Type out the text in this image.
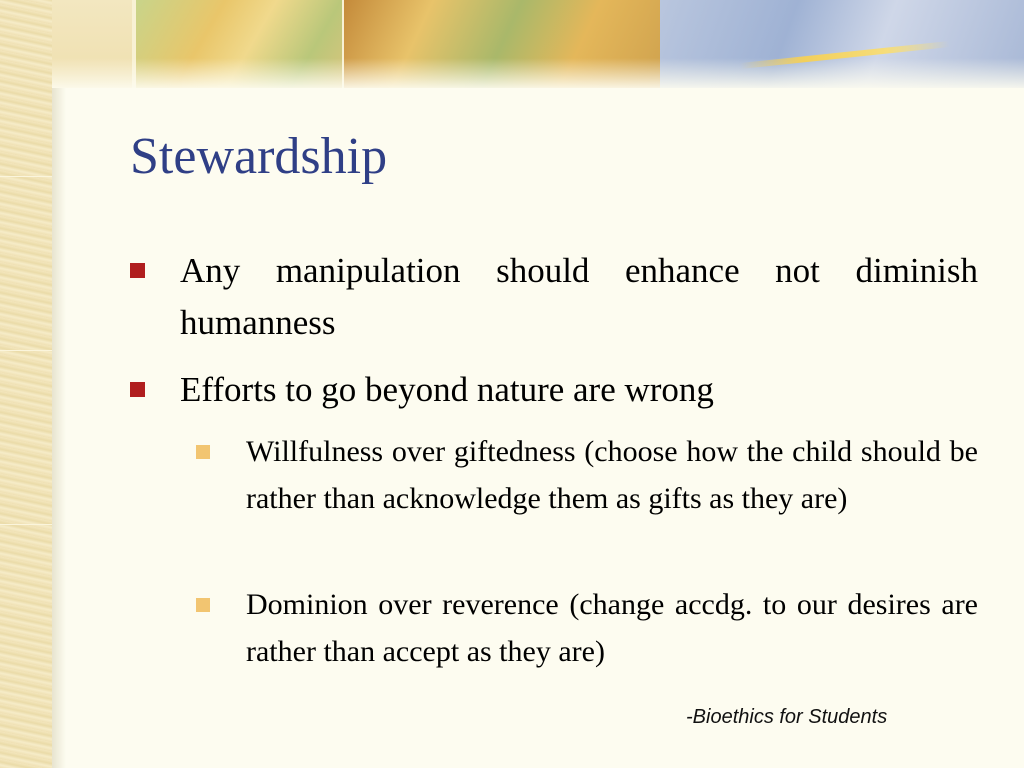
Stewardship
Any manipulation should enhance not diminish humanness
Efforts to go beyond nature are wrong
Willfulness over giftedness (choose how the child should be rather than acknowledge them as gifts as they are)
Dominion over reverence (change accdg. to our desires are rather than accept as they are)
-Bioethics for Students
